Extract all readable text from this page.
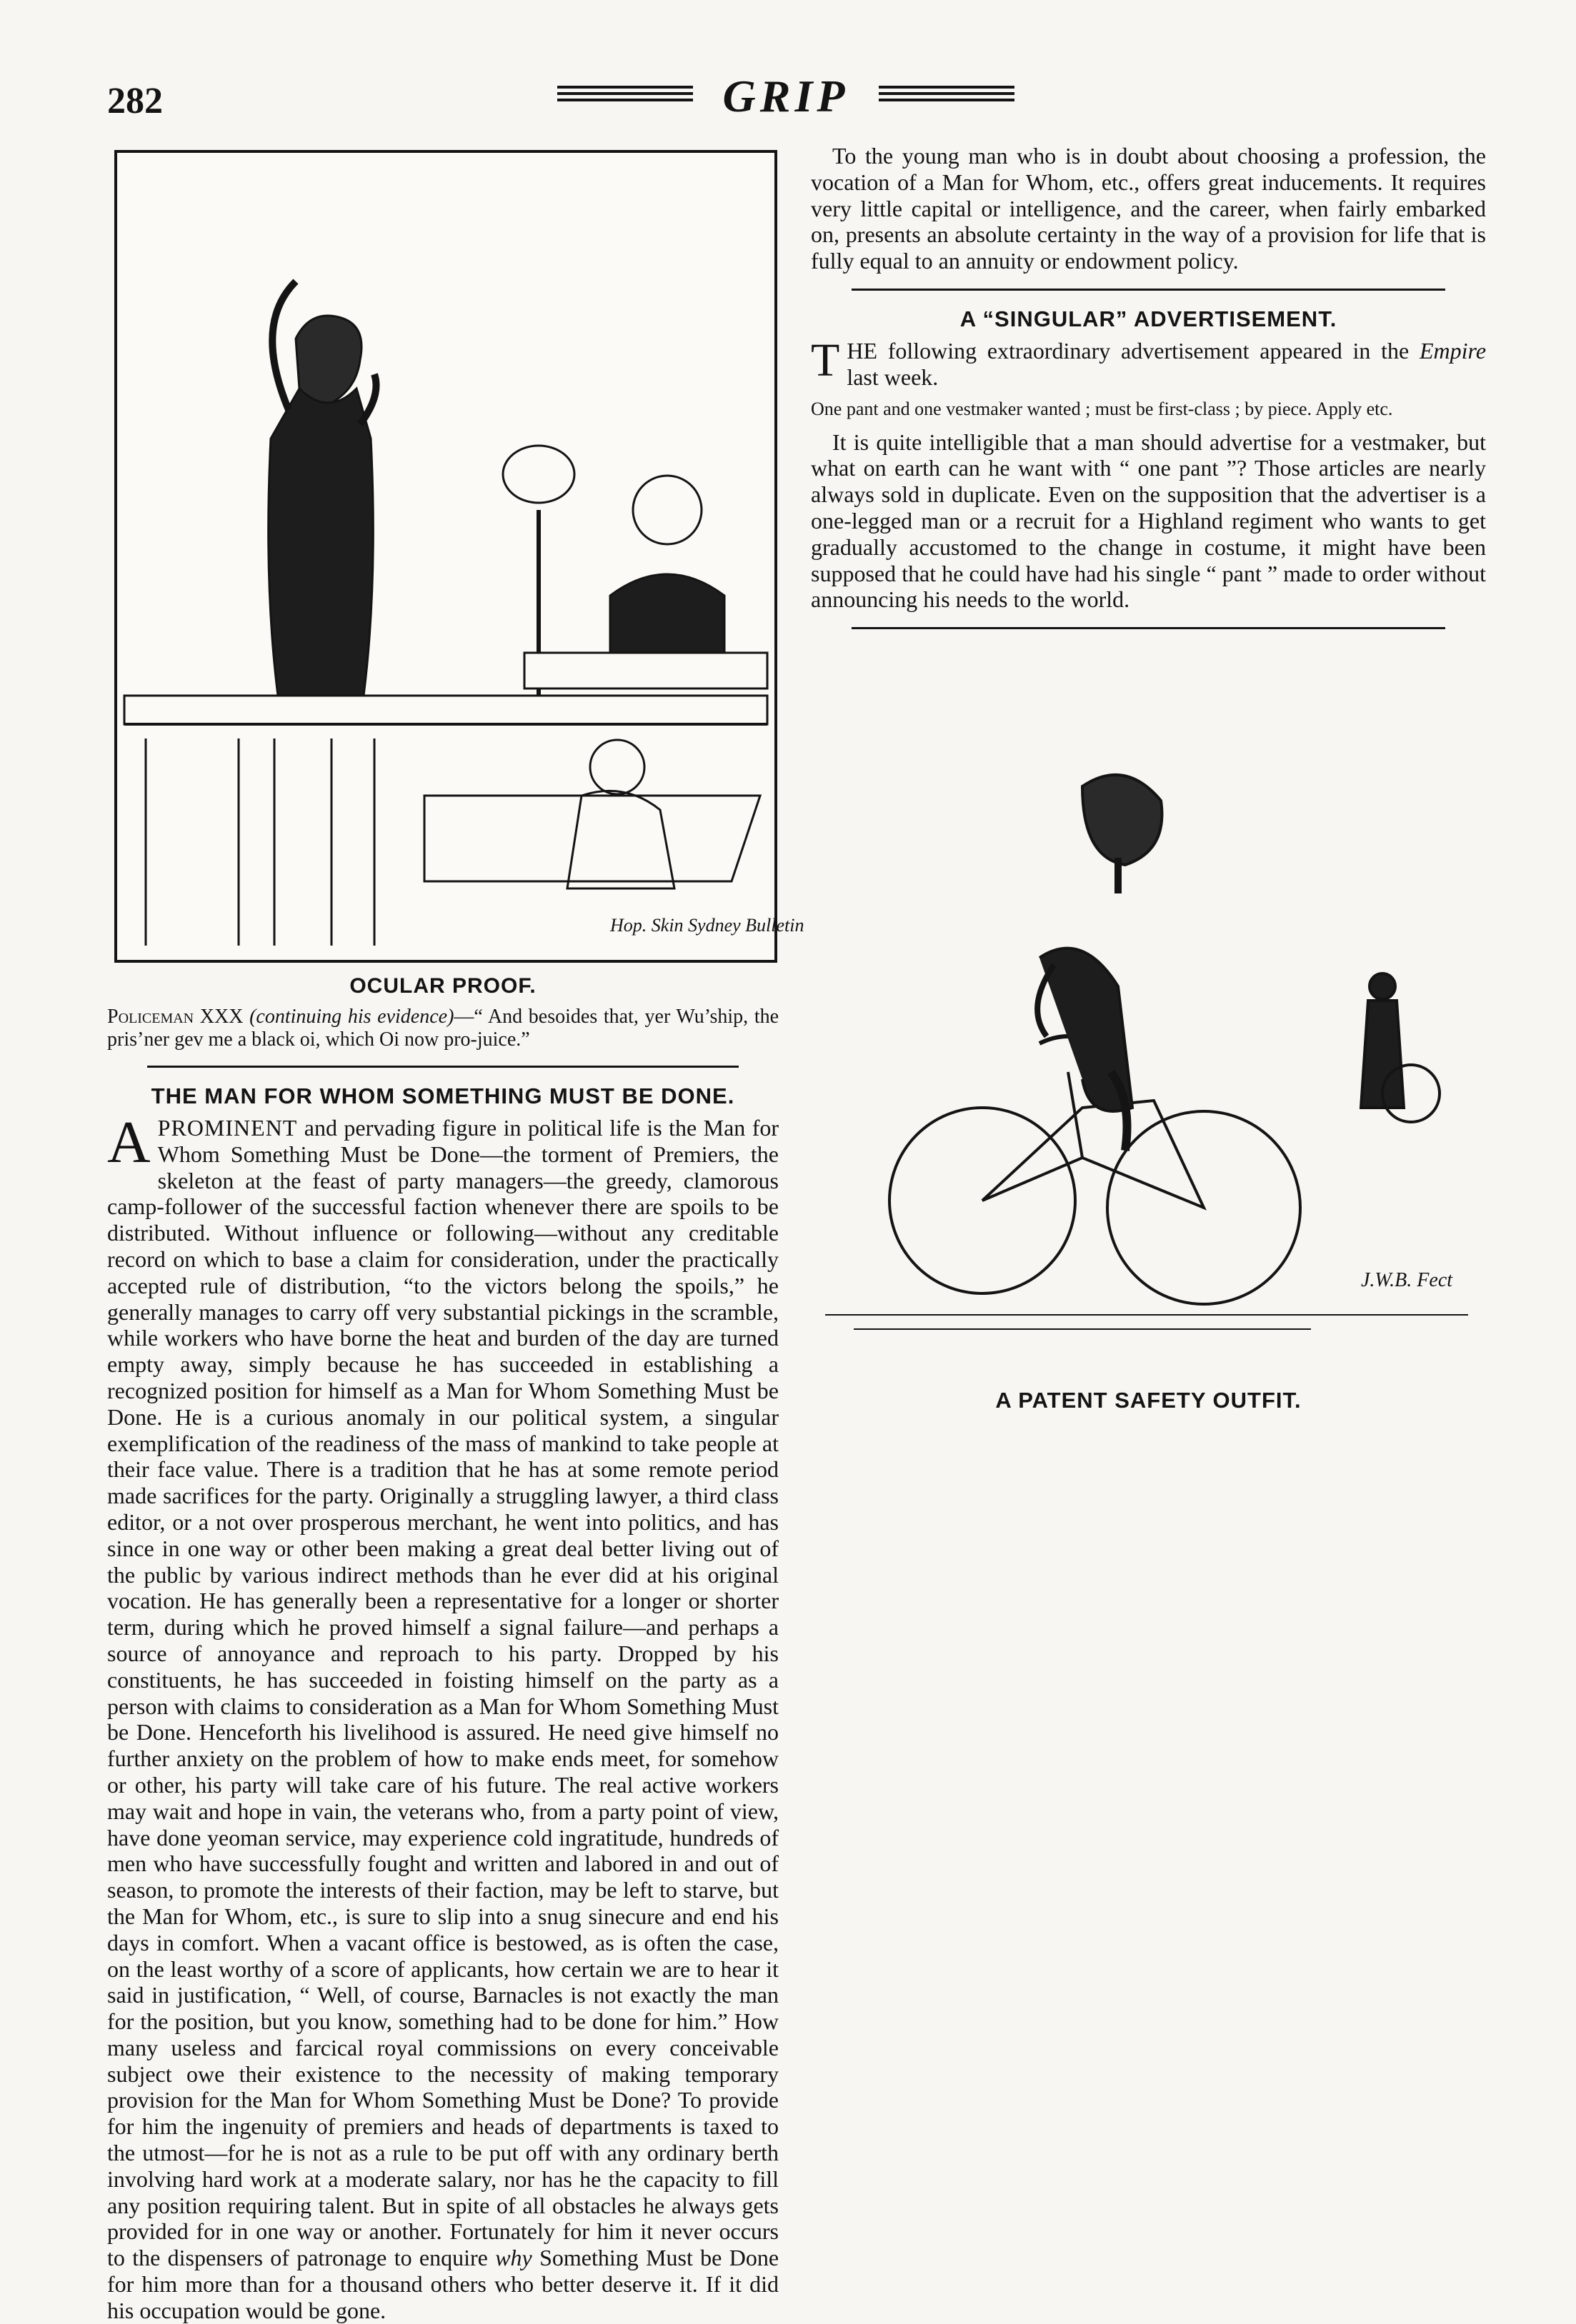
282	GRIP
Hop. Skin Sydney Bulletin
OCULAR PROOF.
Policeman XXX (continuing his evidence)—“ And besoides that, yer Wu’ship, the pris’ner gev me a black oi, which Oi now pro-juice.”
THE MAN FOR WHOM SOMETHING MUST BE DONE.

A PROMINENT and pervading figure in political life is the Man for Whom Something Must be Done—the torment of Premiers, the skeleton at the feast of party managers—the greedy, clamorous camp-follower of the successful faction whenever there are spoils to be distributed. Without influence or following—without any creditable record on which to base a claim for consideration, under the practically accepted rule of distribution, “to the victors belong the spoils,” he generally manages to carry off very substantial pickings in the scramble, while workers who have borne the heat and burden of the day are turned empty away, simply because he has succeeded in establishing a recognized position for himself as a Man for Whom Something Must be Done. He is a curious anomaly in our political system, a singular exemplification of the readiness of the mass of mankind to take people at their face value. There is a tradition that he has at some remote period made sacrifices for the party. Originally a struggling lawyer, a third class editor, or a not over prosperous merchant, he went into politics, and has since in one way or other been making a great deal better living out of the public by various indirect methods than he ever did at his original vocation. He has generally been a representative for a longer or shorter term, during which he proved himself a signal failure—and perhaps a source of annoyance and reproach to his party. Dropped by his constituents, he has succeeded in foisting himself on the party as a person with claims to consideration as a Man for Whom Something Must be Done. Henceforth his livelihood is assured. He need give himself no further anxiety on the problem of how to make ends meet, for somehow or other, his party will take care of his future. The real active workers may wait and hope in vain, the veterans who, from a party point of view, have done yeoman service, may experience cold ingratitude, hundreds of men who have successfully fought and written and labored in and out of season, to promote the interests of their faction, may be left to starve, but the Man for Whom, etc., is sure to slip into a snug sinecure and end his days in comfort. When a vacant office is bestowed, as is often the case, on the least worthy of a score of applicants, how certain we are to hear it said in justification, “ Well, of course, Barnacles is not exactly the man for the position, but you know, something had to be done for him.” How many useless and farcical royal commissions on every conceivable subject owe their existence to the necessity of making temporary provision for the Man for Whom Something Must be Done? To provide for him the ingenuity of premiers and heads of departments is taxed to the utmost—for he is not as a rule to be put off with any ordinary berth involving hard work at a moderate salary, nor has he the capacity to fill any position requiring talent. But in spite of all obstacles he always gets provided for in one way or another. Fortunately for him it never occurs to the dispensers of patronage to enquire why Something Must be Done for him more than for a thousand others who better deserve it. If it did his occupation would be gone.

To the young man who is in doubt about choosing a profession, the vocation of a Man for Whom, etc., offers great inducements. It requires very little capital or intelligence, and the career, when fairly embarked on, presents an absolute certainty in the way of a provision for life that is fully equal to an annuity or endowment policy.

A “SINGULAR” ADVERTISEMENT.

T HE following extraordinary advertisement appeared in the Empire last week.

One pant and one vestmaker wanted ; must be first-class ; by piece. Apply etc.

It is quite intelligible that a man should advertise for a vestmaker, but what on earth can he want with “ one pant ”? Those articles are nearly always sold in duplicate. Even on the supposition that the advertiser is a one-legged man or a recruit for a Highland regiment who wants to get gradually accustomed to the change in costume, it might have been supposed that he could have had his single “ pant ” made to order without announcing his needs to the world.

J.W.B. Fect
A PATENT SAFETY OUTFIT.
